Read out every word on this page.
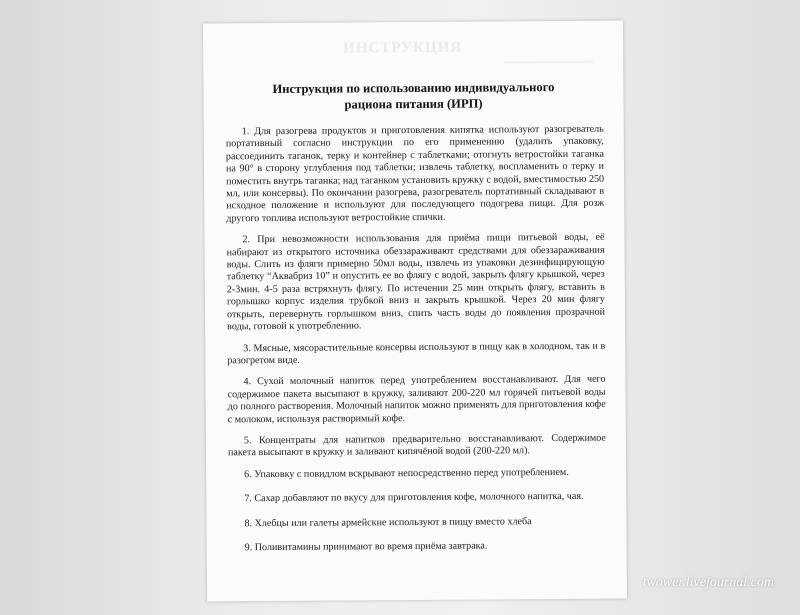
ИНСТРУКЦИЯ
Инструкция по использованию индивидуального
рациона питания (ИРП)

1. Для разогрева продуктов и приготовления кипятка используют разогреватель портативный согласно инструкции по его применению (удалить упаковку, рассоединить таганок, терку и контейнер с таблетками; отогнуть ветростойки таганка на 90° в сторону углубления под таблетки; извлечь таблетку, воспламенить о терку и поместить внутрь таганка; над таганком установить кружку с водой, вместимостью 250 мл, или консервы). По окончании разогрева, разогреватель портативный складывают в исходное положение и используют для последующего подогрева пищи. Для розж другого топлива используют ветростойкие спички.

2. При невозможности использования для приёма пищи питьевой воды, её набирают из открытого источника обеззараживают средствами для обеззараживания воды. Слить из фляги примерно 50мл воды, извлечь из упаковки дезинфицирующую таблетку “Аквабриз 10” и опустить ее во флягу с водой, закрыть флягу крышкой, через 2-3мин. 4-5 раза встряхнуть флягу. По истечении 25 мин открыть флягу, вставить в горлышко корпус изделия трубкой вниз и закрыть крышкой. Через 20 мин флягу открыть, перевернуть горлышком вниз, спить часть воды до появления прозрачной воды, готовой к употреблению.

3. Мясные, мясорастительные консервы используют в пищу как в холодном, так и в разогретом виде.

4. Сухой молочный напиток перед употреблением восстанавливают. Для чего содержимое пакета высыпают в кружку, заливают 200-220 мл горячей питьевой воды до полного растворения. Молочный напиток можно применять для приготовления кофе с молоком, используя растворимый кофе.

5. Концентраты для напитков предварительно восстанавливают. Содержимое пакета высыпают в кружку и заливают кипячёной водой (200-220 мл).

6. Упаковку с повидлом вскрывают непосредственно перед употреблением.

7. Сахар добавляют по вкусу для приготовления кофе, молочного напитка, чая.

8. Хлебцы или галеты армейские используют в пищу вместо хлеба

9. Поливитамины принимают во время приёма завтрака.

twower.livejournal.com
